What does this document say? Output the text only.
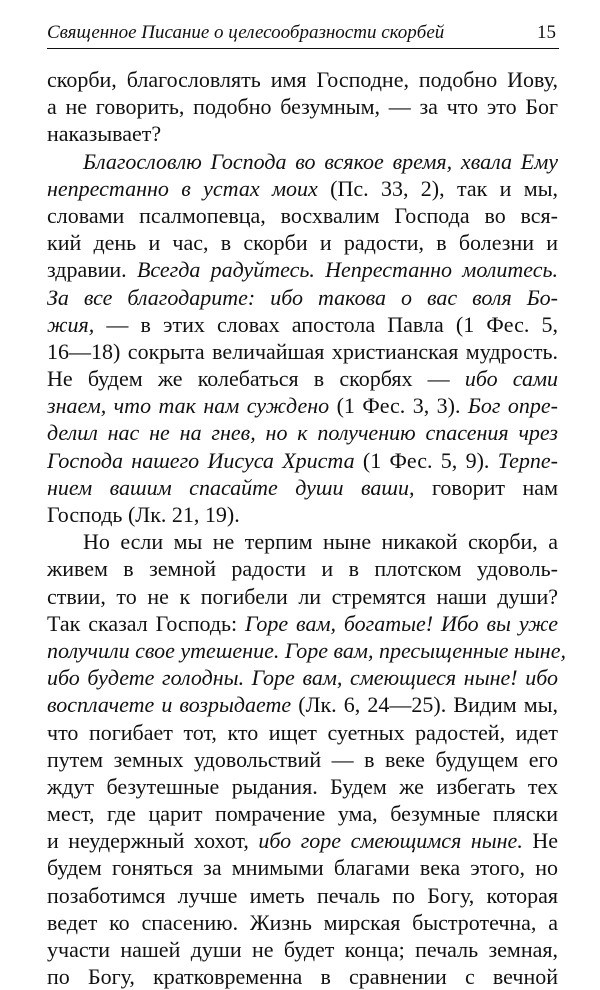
Священное Писание о целесообразности скорбей	15
скорби, благословлять имя Господне, подобно Иову,
а не говорить, подобно безумным, — за что это Бог
наказывает?
Благословлю Господа во всякое время, хвала Ему
непрестанно в устах моих (Пс. 33, 2), так и мы,
словами псалмопевца, восхвалим Господа во вся-
кий день и час, в скорби и радости, в болезни и
здравии. Всегда радуйтесь. Непрестанно молитесь.
За все благодарите: ибо такова о вас воля Бо-
жия, — в этих словах апостола Павла (1 Фес. 5,
16—18) сокрыта величайшая христианская мудрость.
Не будем же колебаться в скорбях — ибо сами
знаем, что так нам суждено (1 Фес. 3, 3). Бог опре-
делил нас не на гнев, но к получению спасения чрез
Господа нашего Иисуса Христа (1 Фес. 5, 9). Терпе-
нием вашим спасайте души ваши, говорит нам
Господь (Лк. 21, 19).
Но если мы не терпим ныне никакой скорби, а
живем в земной радости и в плотском удоволь-
ствии, то не к погибели ли стремятся наши души?
Так сказал Господь: Горе вам, богатые! Ибо вы уже
получили свое утешение. Горе вам, пресыщенные ныне,
ибо будете голодны. Горе вам, смеющиеся ныне! ибо
восплачете и возрыдаете (Лк. 6, 24—25). Видим мы,
что погибает тот, кто ищет суетных радостей, идет
путем земных удовольствий — в веке будущем его
ждут безутешные рыдания. Будем же избегать тех
мест, где царит помрачение ума, безумные пляски
и неудержный хохот, ибо горе смеющимся ныне. Не
будем гоняться за мнимыми благами века этого, но
позаботимся лучше иметь печаль по Богу, которая
ведет ко спасению. Жизнь мирская быстротечна, а
участи нашей души не будет конца; печаль земная,
по Богу, кратковременна в сравнении с вечной
